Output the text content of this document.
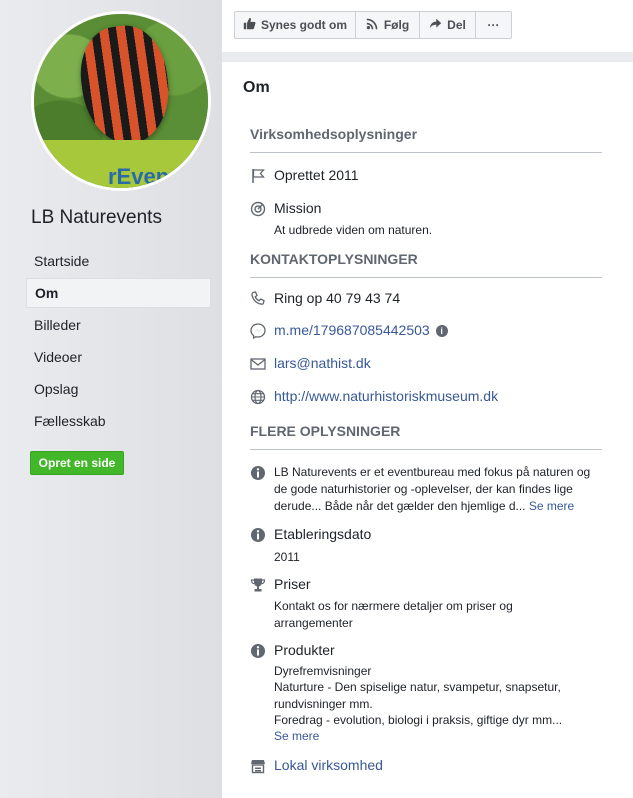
rEven
LB Naturevents
Startside
Om
Billeder
Videoer
Opslag
Fællesskab
Opret en side
Synes godt om	Følg	Del ···
Om
Virksomhedsoplysninger
Oprettet 2011
Mission
At udbrede viden om naturen.
KONTAKTOPLYSNINGER
Ring op 40 79 43 74
m.me/179687085442503 i
lars@nathist.dk
http://www.naturhistoriskmuseum.dk
FLERE OPLYSNINGER
LB Naturevents er et eventbureau med fokus på naturen og
de gode naturhistorier og -oplevelser, der kan findes lige
derude... Både når det gælder den hjemlige d... Se mere
Etableringsdato
2011
Priser
Kontakt os for nærmere detaljer om priser og
arrangementer
Produkter
Dyrefremvisninger
Naturture - Den spiselige natur, svampetur, snapsetur,
rundvisninger mm.
Foredrag - evolution, biologi i praksis, giftige dyr mm...
Se mere
Lokal virksomhed
